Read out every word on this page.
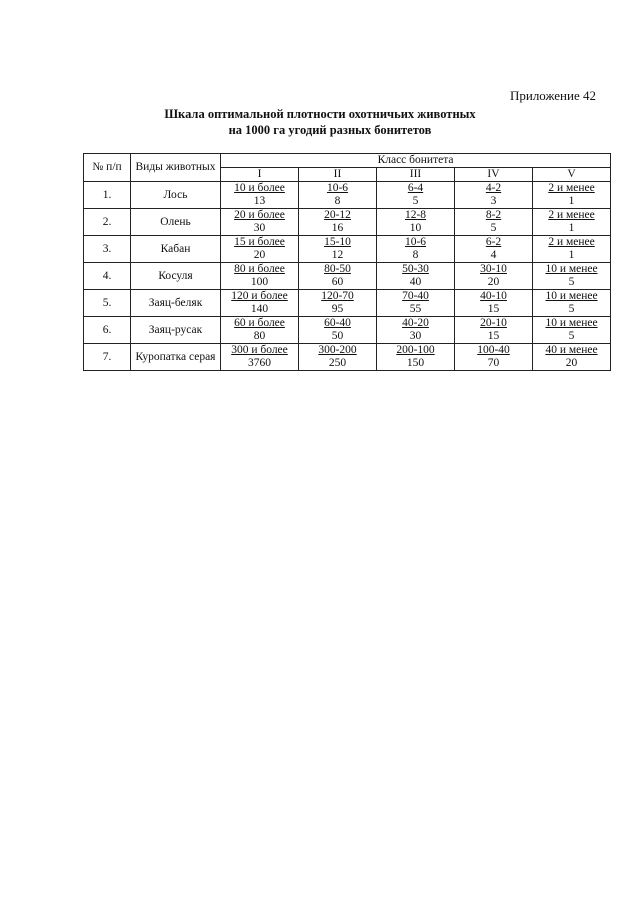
Приложение 42
Шкала оптимальной плотности охотничьих животных
на 1000 га угодий разных бонитетов
№ п/п	Виды животных	Класс бонитета				
		I	II	III	IV	V
1.	Лось	$\frac{\text{10 и более}}{13}$	$\frac{10-6}{8}$	$\frac{6-4}{5}$	$\frac{4-2}{3}$	$\frac{\text{2 и менее}}{1}$

2.	Олень	$\frac{\text{20 и более}}{30}$	$\frac{20-12}{16}$	$\frac{12-8}{10}$	$\frac{8-2}{5}$	$\frac{\text{2 и менее}}{1}$

3.	Кабан	$\frac{\text{15 и более}}{20}$	$\frac{15-10}{12}$	$\frac{10-6}{8}$	$\frac{6-2}{4}$	$\frac{\text{2 и менее}}{1}$

4.	Косуля	$\frac{\text{80 и более}}{100}$	$\frac{80-50}{60}$	$\frac{50-30}{40}$	$\frac{30-10}{20}$	$\frac{\text{10 и менее}}{5}$

5.	Заяц-беляк	$\frac{\text{120 и более}}{140}$	$\frac{120-70}{95}$	$\frac{70-40}{55}$	$\frac{40-10}{15}$	$\frac{\text{10 и менее}}{5}$

6.	Заяц-русак	$\frac{\text{60 и более}}{80}$	$\frac{60-40}{50}$	$\frac{40-20}{30}$	$\frac{20-10}{15}$	$\frac{\text{10 и менее}}{5}$

7.	Куропатка серая	$\frac{\text{300 и более}}{3760}$	$\frac{300-200}{250}$	$\frac{200-100}{150}$	$\frac{100-40}{70}$	$\frac{\text{40 и менее}}{20}$
